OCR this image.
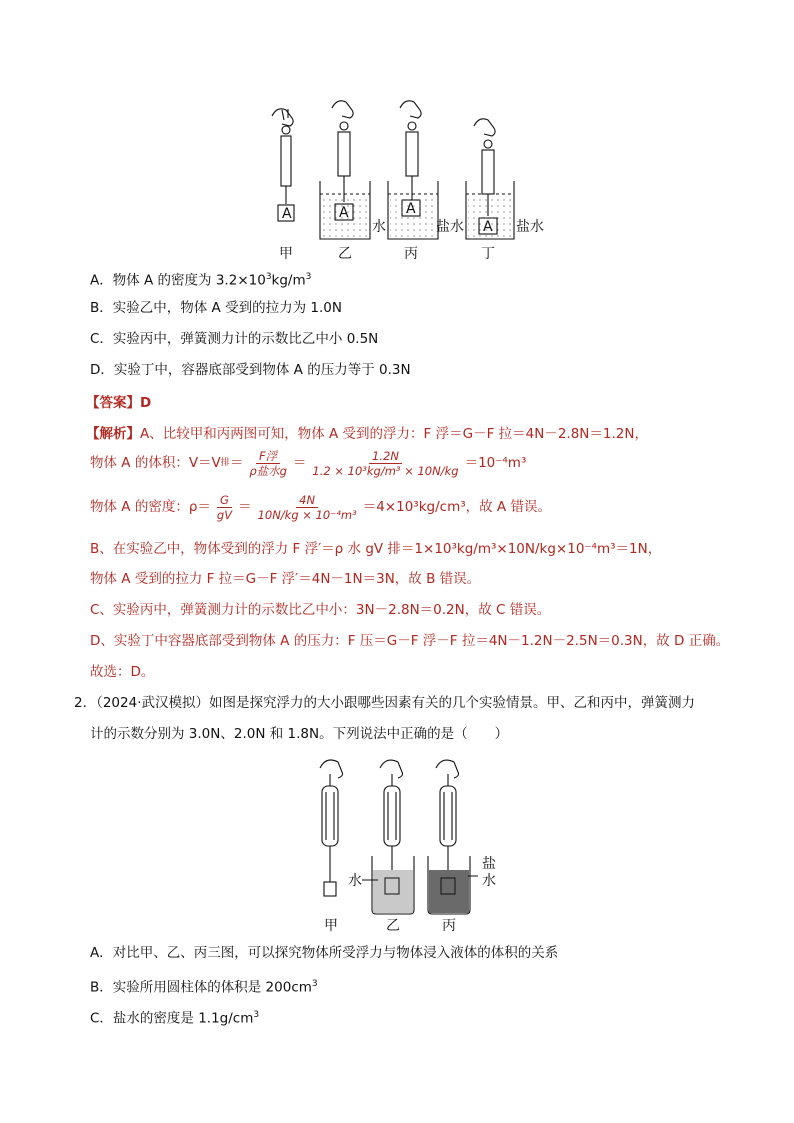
A	A	A
A
水	盐水	盐水
甲	乙	丙	丁
A．物体 A 的密度为 $3.2\times 10^3kg/m^3$
B．实验乙中，物体 A 受到的拉力为 1.0N
C．实验丙中，弹簧测力计的示数比乙中小 0.5N
D．实验丁中，容器底部受到物体 A 的压力等于 0.3N
【答案】D
【解析】A、比较甲和丙两图可知，物体 A 受到的浮力：F 浮＝G－F 拉＝4N－2.8N＝1.2N，
物体 A 的体积：V＝V 排 ＝ $\frac{\text{F浮}}{\text{ρ盐水g}} = \frac{1.2N}{\text{1.2 × 10³kg/m³ × 10N/kg}} =10^{-4}m^3$
物体 A 的密度：$\rho= \frac{G}{gV} = \frac{4N}{\text{10N/kg × 10⁻⁴m³}} =4\times 10^3kg/cm^3$，故 A 错误。
B、在实验乙中，物体受到的浮力 F 浮′＝ρ 水 gV 排＝1×10³kg/m³×10N/kg×10⁻⁴m³＝1N，
物体 A 受到的拉力 F 拉＝G－F 浮′＝4N－1N＝3N，故 B 错误。
C、实验丙中，弹簧测力计的示数比乙中小：3N－2.8N＝0.2N，故 C 错误。
D、实验丁中容器底部受到物体 A 的压力：F 压＝G－F 浮－F 拉＝4N－1.2N－2.5N＝0.3N，故 D 正确。
故选：D。
2．（2024·武汉模拟）如图是探究浮力的大小跟哪些因素有关的几个实验情景。甲、乙和丙中，弹簧测力
计的示数分别为 3.0N、2.0N 和 1.8N。下列说法中正确的是（　　）
水
盐
水
甲	乙	丙
A．对比甲、乙、丙三图，可以探究物体所受浮力与物体浸入液体的体积的关系
B．实验所用圆柱体的体积是 $200cm^3$
C．盐水的密度是 $1.1g/cm^3$
